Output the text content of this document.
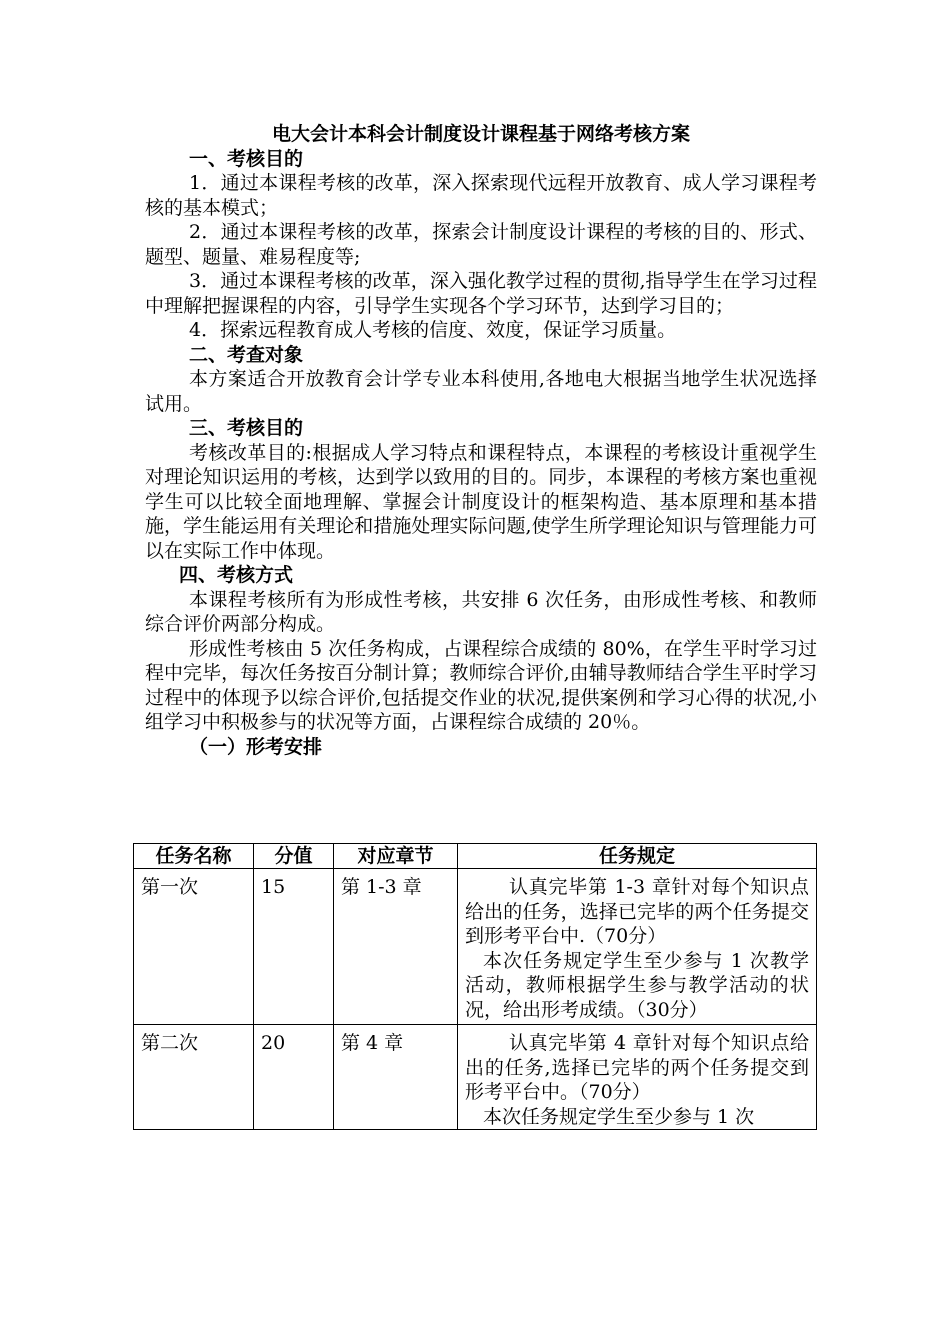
电大会计本科会计制度设计课程基于网络考核方案
一、考核目的

1．通过本课程考核的改革，深入探索现代远程开放教育、成人学习课程考核的基本模式；

2．通过本课程考核的改革，探索会计制度设计课程的考核的目的、形式、题型、题量、难易程度等;

3．通过本课程考核的改革，深入强化教学过程的贯彻,指导学生在学习过程中理解把握课程的内容，引导学生实现各个学习环节，达到学习目的；

4．探索远程教育成人考核的信度、效度，保证学习质量。

二、考查对象

本方案适合开放教育会计学专业本科使用,各地电大根据当地学生状况选择试用。

三、考核目的

考核改革目的:根据成人学习特点和课程特点，本课程的考核设计重视学生对理论知识运用的考核，达到学以致用的目的。同步，本课程的考核方案也重视学生可以比较全面地理解、掌握会计制度设计的框架构造、基本原理和基本措施，学生能运用有关理论和措施处理实际问题,使学生所学理论知识与管理能力可以在实际工作中体现。

四、考核方式

本课程考核所有为形成性考核，共安排 6 次任务，由形成性考核、和教师综合评价两部分构成。

形成性考核由 5 次任务构成，占课程综合成绩的 80%，在学生平时学习过程中完毕，每次任务按百分制计算；教师综合评价,由辅导教师结合学生平时学习过程中的体现予以综合评价,包括提交作业的状况,提供案例和学习心得的状况,小组学习中积极参与的状况等方面，占课程综合成绩的 20％。

（一）形考安排
任务名称	分值	对应章节	任务规定
第一次	15	第 1-3 章	认真完毕第 1-3 章针对每个知识点给出的任务，选择已完毕的两个任务提交到形考平台中.（70分）
本次任务规定学生至少参与 1 次教学活动，教师根据学生参与教学活动的状况，给出形考成绩。（30分）

第二次	20	第 4 章	认真完毕第 4 章针对每个知识点给出的任务,选择已完毕的两个任务提交到形考平台中。（70分）
本次任务规定学生至少参与 1 次
